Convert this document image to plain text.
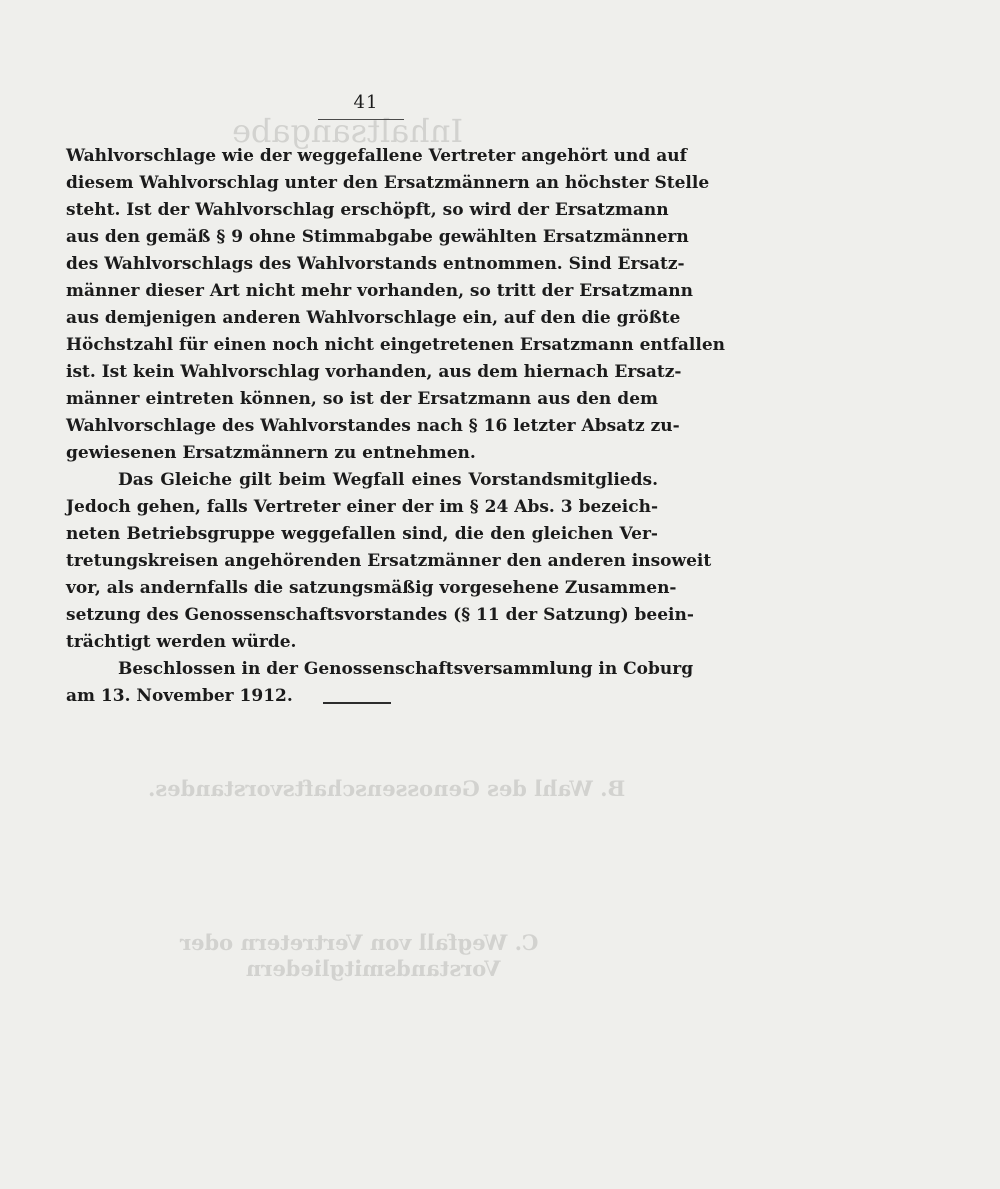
Inhaltsangabe
B. Wahl des Genossenschaftsvorstandes.
C. Wegfall von Vertretern oder
Vorstandsmitgliedern
41
Wahlvorschlage wie der weggefallene Vertreter angehört und auf
diesem Wahlvorschlag unter den Ersatzmännern an höchster Stelle
steht. Ist der Wahlvorschlag erschöpft, so wird der Ersatzmann
aus den gemäß § 9 ohne Stimmabgabe gewählten Ersatzmännern
des Wahlvorschlags des Wahlvorstands entnommen. Sind Ersatz-
männer dieser Art nicht mehr vorhanden, so tritt der Ersatzmann
aus demjenigen anderen Wahlvorschlage ein, auf den die größte
Höchstzahl für einen noch nicht eingetretenen Ersatzmann entfallen
ist. Ist kein Wahlvorschlag vorhanden, aus dem hiernach Ersatz-
männer eintreten können, so ist der Ersatzmann aus den dem
Wahlvorschlage des Wahlvorstandes nach § 16 letzter Absatz zu-
gewiesenen Ersatzmännern zu entnehmen.
Das Gleiche gilt beim Wegfall eines Vorstandsmitglieds.
Jedoch gehen, falls Vertreter einer der im § 24 Abs. 3 bezeich-
neten Betriebsgruppe weggefallen sind, die den gleichen Ver-
tretungskreisen angehörenden Ersatzmänner den anderen insoweit
vor, als andernfalls die satzungsmäßig vorgesehene Zusammen-
setzung des Genossenschaftsvorstandes (§ 11 der Satzung) beein-
trächtigt werden würde.
Beschlossen in der Genossenschaftsversammlung in Coburg
am 13. November 1912.
